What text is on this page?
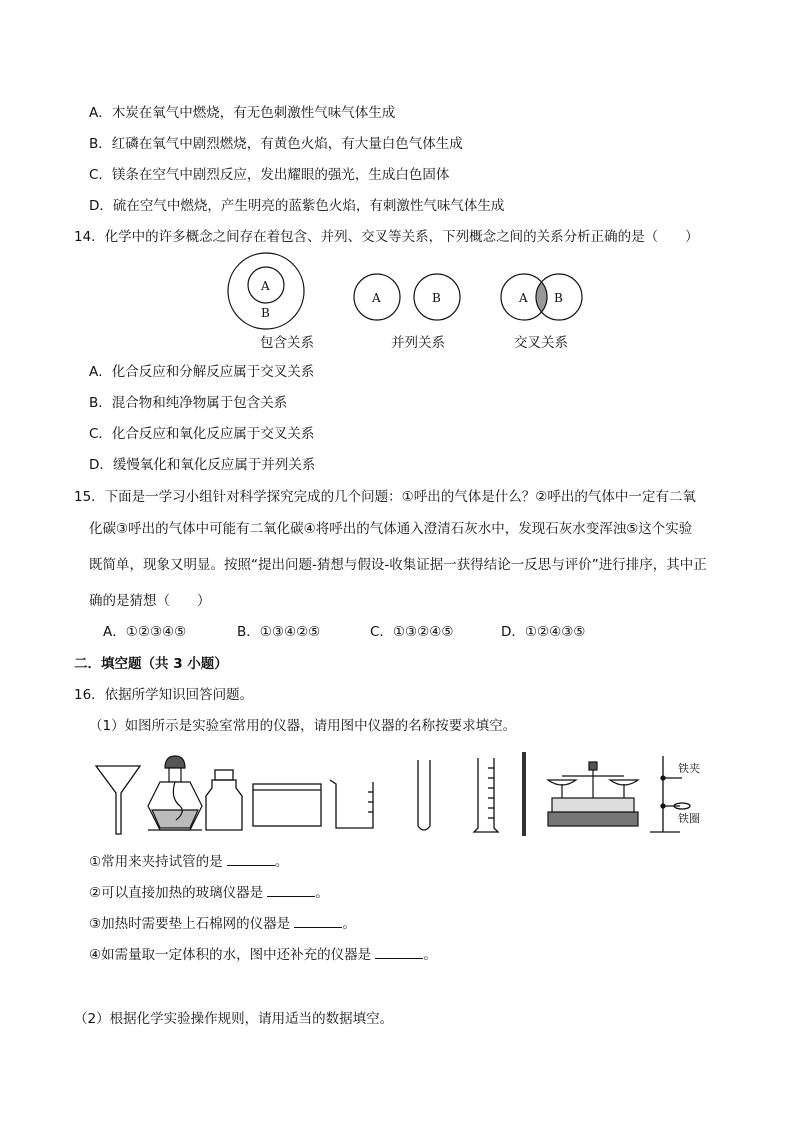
A．木炭在氧气中燃烧，有无色刺激性气味气体生成
B．红磷在氧气中剧烈燃烧，有黄色火焰，有大量白色气体生成
C．镁条在空气中剧烈反应，发出耀眼的强光，生成白色固体
D．硫在空气中燃烧，产生明亮的蓝紫色火焰，有刺激性气味气体生成
14．化学中的许多概念之间存在着包含、并列、交叉等关系，下列概念之间的关系分析正确的是（　　）
A
B
A	B	A B
包含关系	并列关系	交叉关系
A．化合反应和分解反应属于交叉关系
B．混合物和纯净物属于包含关系
C．化合反应和氧化反应属于交叉关系
D．缓慢氧化和氧化反应属于并列关系
15．下面是一学习小组针对科学探究完成的几个问题：①呼出的气体是什么？②呼出的气体中一定有二氧
化碳③呼出的气体中可能有二氧化碳④将呼出的气体通入澄清石灰水中，发现石灰水变浑浊⑤这个实验
既简单，现象又明显。按照“提出问题-猜想与假设-收集证据一获得结论一反思与评价”进行排序，其中正
确的是猜想（　　）
A．①②③④⑤	B．①③④②⑤	C．①③②④⑤	D．①②④③⑤
二．填空题（共 3 小题）
16．依据所学知识回答问题。
（1）如图所示是实验室常用的仪器，请用图中仪器的名称按要求填空。
铁夹
铁圈
①常用来夹持试管的是	。
②可以直接加热的玻璃仪器是	。
③加热时需要垫上石棉网的仪器是	。
④如需量取一定体积的水，图中还补充的仪器是	。
（2）根据化学实验操作规则，请用适当的数据填空。
